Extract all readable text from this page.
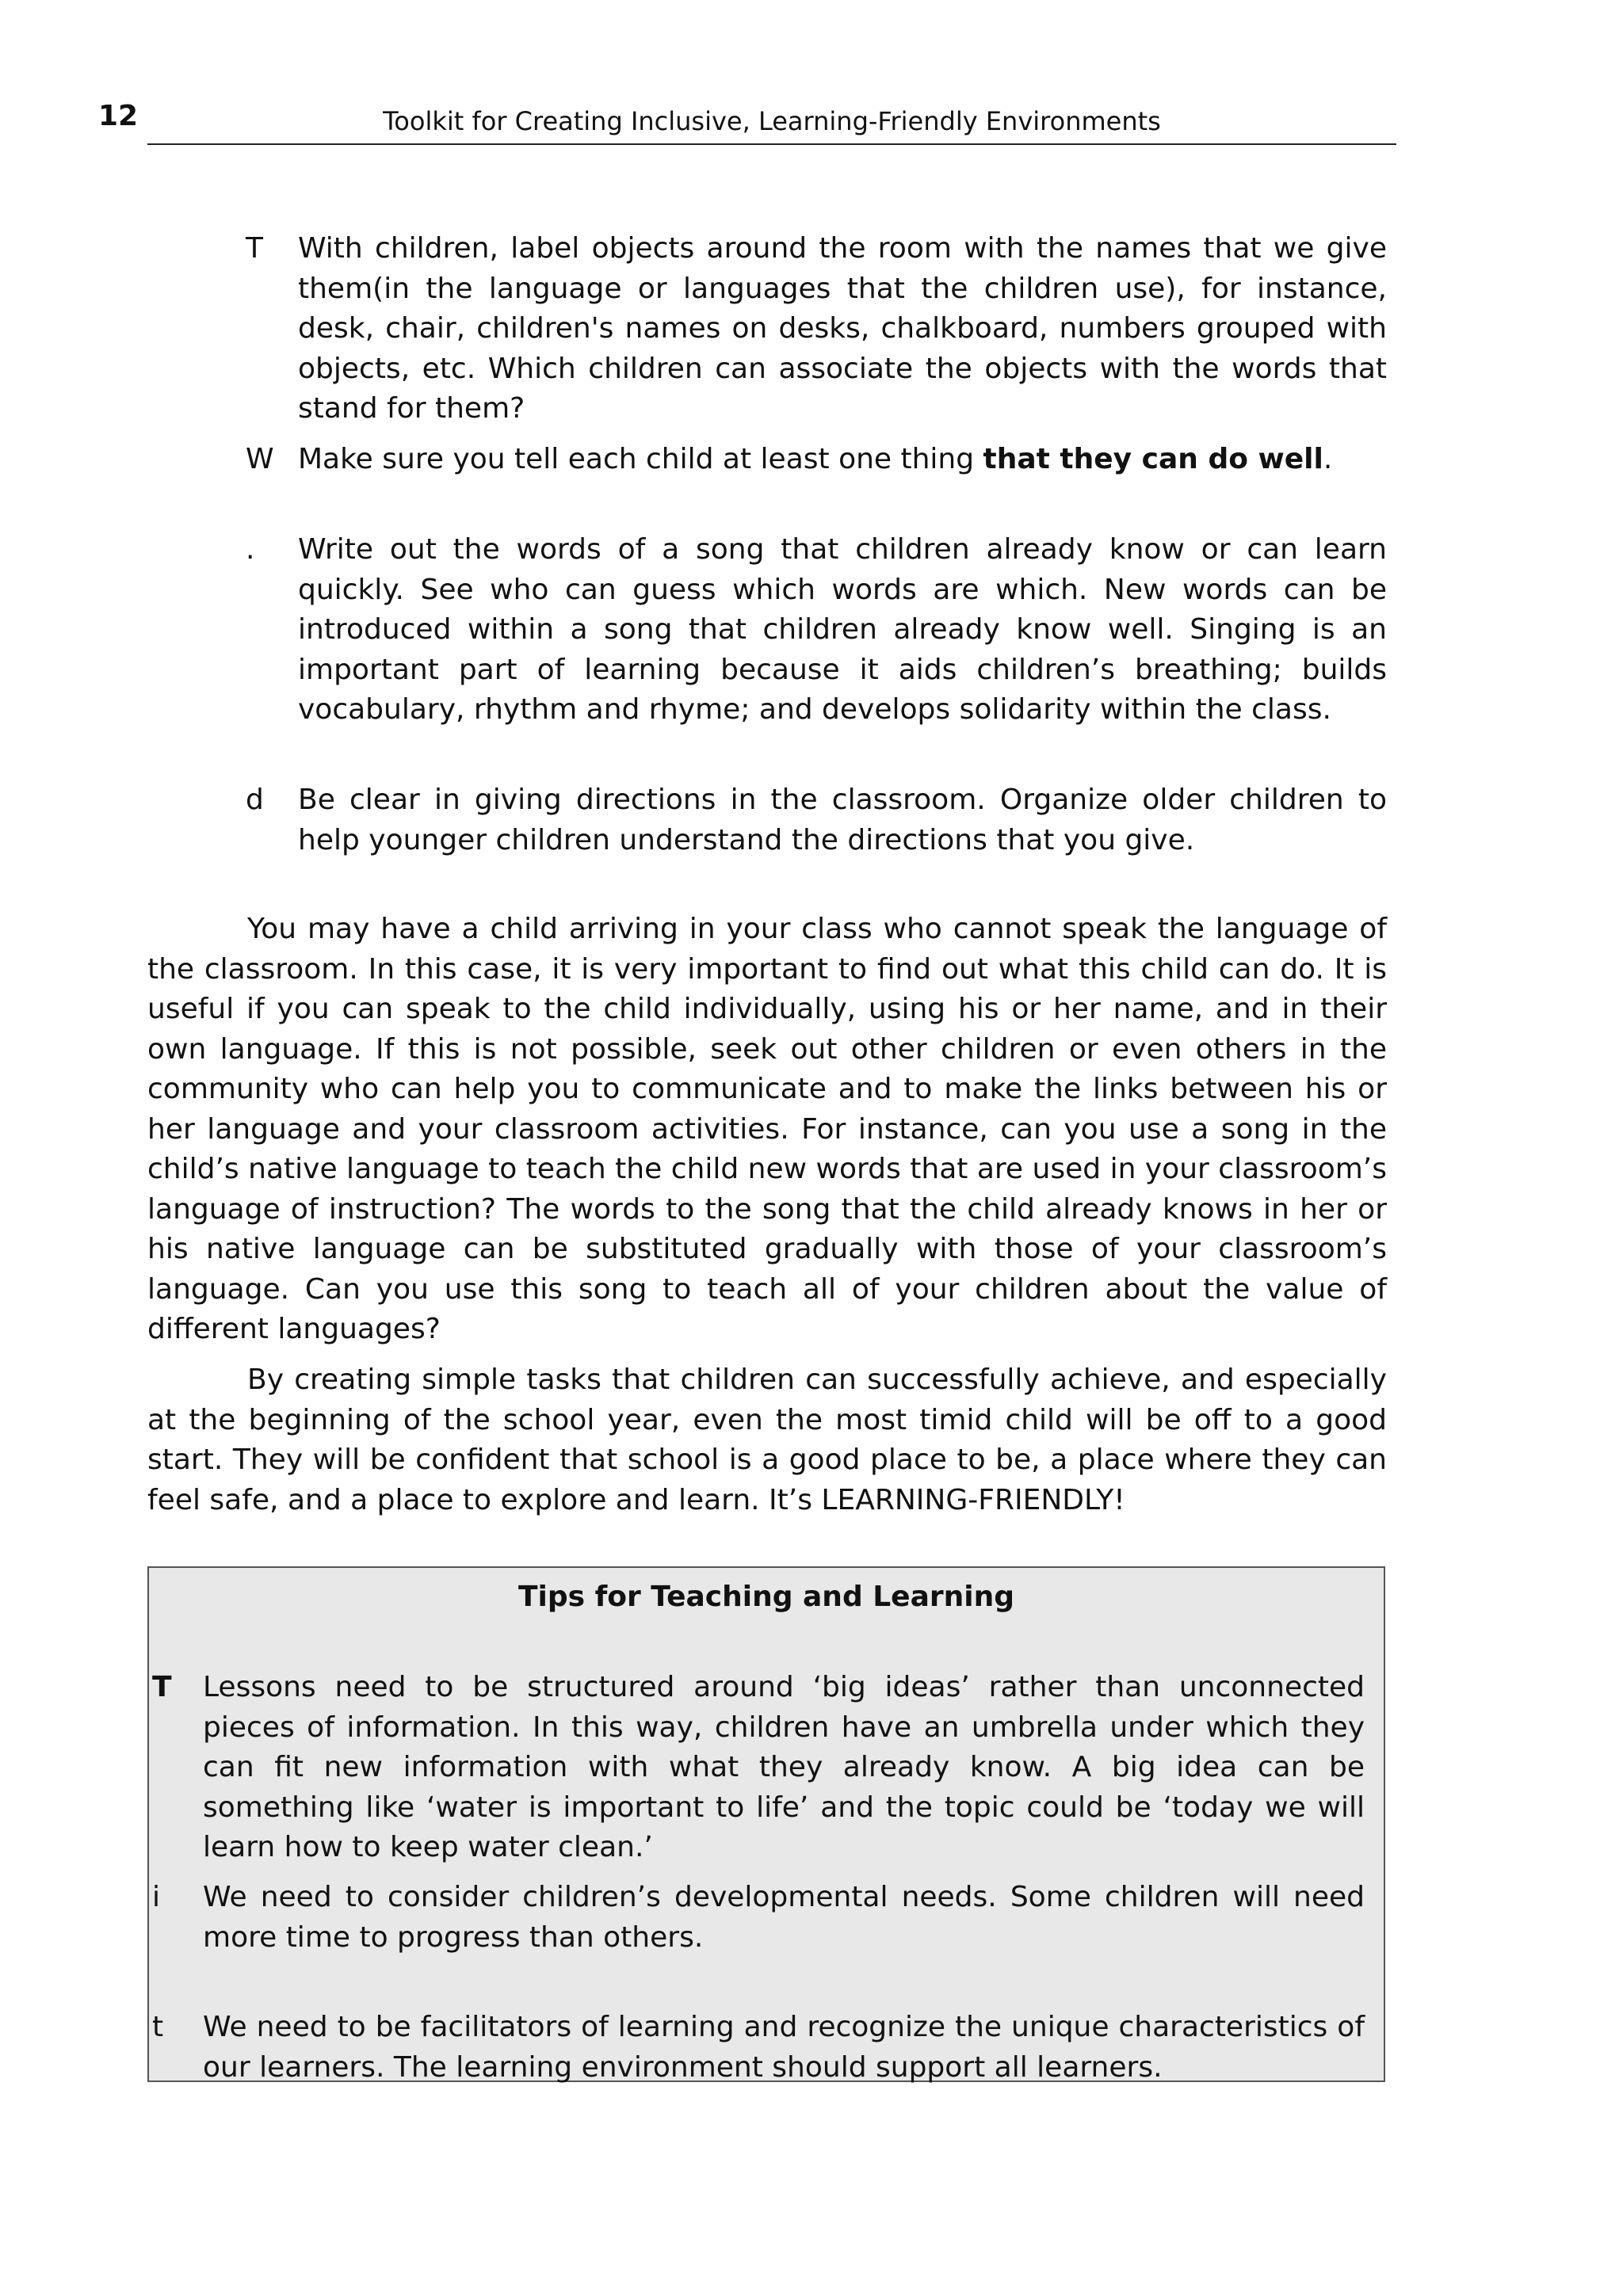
12	Toolkit for Creating Inclusive, Learning-Friendly Environments
T With children, label objects around the room with the names that we give them(in the language or languages that the children use), for instance, desk, chair, children's names on desks, chalkboard, numbers grouped with objects, etc. Which children can associate the objects with the words that stand for them?
W Make sure you tell each child at least one thing that they can do well.
. Write out the words of a song that children already know or can learn quickly. See who can guess which words are which. New words can be introduced within a song that children already know well. Singing is an important part of learning because it aids children’s breathing; builds vocabulary, rhythm and rhyme; and develops solidarity within the class.
d Be clear in giving directions in the classroom. Organize older children to help younger children understand the directions that you give.

You may have a child arriving in your class who cannot speak the language of the classroom. In this case, it is very important to find out what this child can do. It is useful if you can speak to the child individually, using his or her name, and in their own language. If this is not possible, seek out other children or even others in the community who can help you to communicate and to make the links between his or her language and your classroom activities. For instance, can you use a song in the child’s native language to teach the child new words that are used in your classroom’s language of instruction? The words to the song that the child already knows in her or his native language can be substituted gradually with those of your classroom’s language. Can you use this song to teach all of your children about the value of different languages?

By creating simple tasks that children can successfully achieve, and especially at the beginning of the school year, even the most timid child will be off to a good start. They will be confident that school is a good place to be, a place where they can feel safe, and a place to explore and learn. It’s LEARNING-FRIENDLY!

Tips for Teaching and Learning
T Lessons need to be structured around ‘big ideas’ rather than unconnected pieces of information. In this way, children have an umbrella under which they can fit new information with what they already know. A big idea can be something like ‘water is important to life’ and the topic could be ‘today we will learn how to keep water clean.’
i We need to consider children’s developmental needs. Some children will need more time to progress than others.
t We need to be facilitators of learning and recognize the unique characteristics of our learners. The learning environment should support all learners.
